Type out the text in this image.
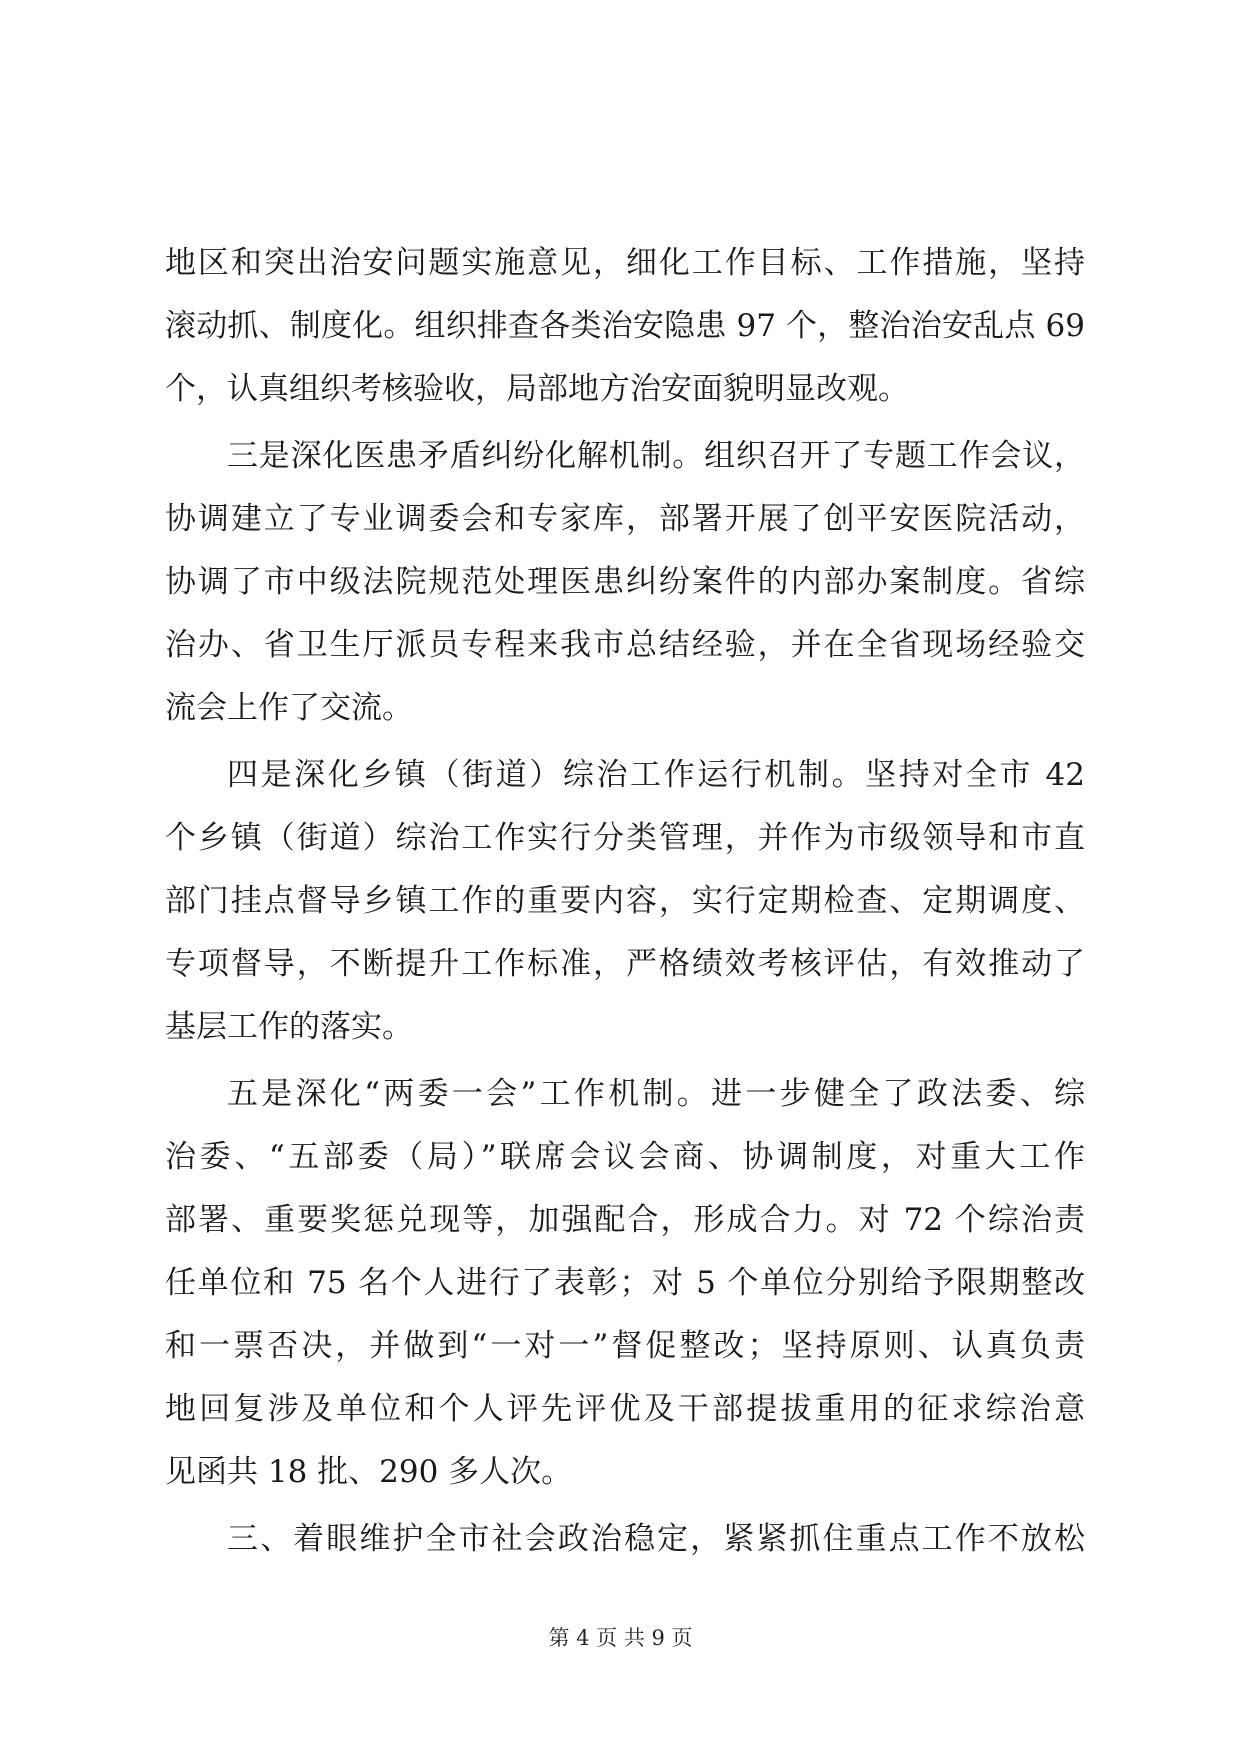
地区和突出治安问题实施意见，细化工作目标、工作措施，坚持
滚动抓、制度化。组织排查各类治安隐患 97 个，整治治安乱点 69
个，认真组织考核验收，局部地方治安面貌明显改观。
三是深化医患矛盾纠纷化解机制。组织召开了专题工作会议，
协调建立了专业调委会和专家库，部署开展了创平安医院活动，
协调了市中级法院规范处理医患纠纷案件的内部办案制度。省综
治办、省卫生厅派员专程来我市总结经验，并在全省现场经验交
流会上作了交流。
四是深化乡镇（街道）综治工作运行机制。坚持对全市 42
个乡镇（街道）综治工作实行分类管理，并作为市级领导和市直
部门挂点督导乡镇工作的重要内容，实行定期检查、定期调度、
专项督导，不断提升工作标准，严格绩效考核评估，有效推动了
基层工作的落实。
五是深化“两委一会”工作机制。进一步健全了政法委、综
治委、“五部委（局）”联席会议会商、协调制度，对重大工作
部署、重要奖惩兑现等，加强配合，形成合力。对 72 个综治责
任单位和 75 名个人进行了表彰；对 5 个单位分别给予限期整改
和一票否决，并做到“一对一”督促整改；坚持原则、认真负责
地回复涉及单位和个人评先评优及干部提拔重用的征求综治意
见函共 18 批、290 多人次。
三、着眼维护全市社会政治稳定，紧紧抓住重点工作不放松
第 4 页 共 9 页
